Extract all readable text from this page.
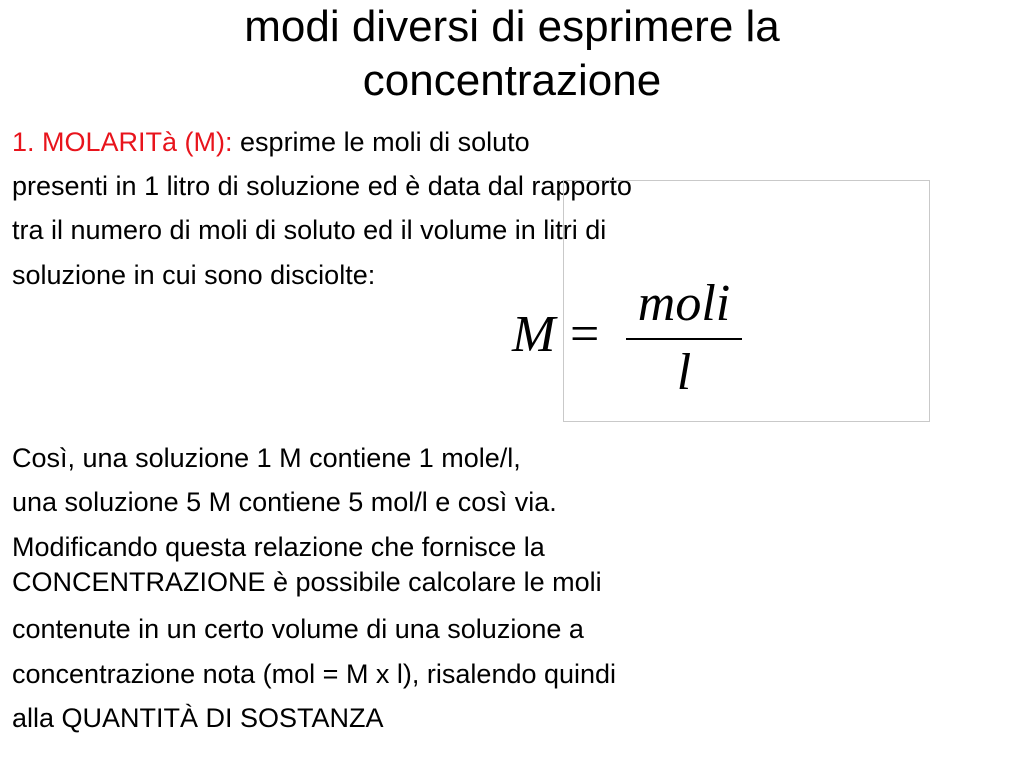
modi diversi di esprimere la
concentrazione
1. MOLARITà (M): esprime le moli di soluto
presenti in 1 litro di soluzione ed è data dal rapporto
tra il numero di moli di soluto ed il volume in litri di
soluzione in cui sono disciolte:
M =
moli
l
Così, una soluzione 1 M contiene 1 mole/l,
una soluzione 5 M contiene 5 mol/l e così via.
Modificando questa relazione che fornisce la
CONCENTRAZIONE è possibile calcolare le moli
contenute in un certo volume di una soluzione a
concentrazione nota (mol = M x l), risalendo quindi
alla QUANTITÀ DI SOSTANZA
